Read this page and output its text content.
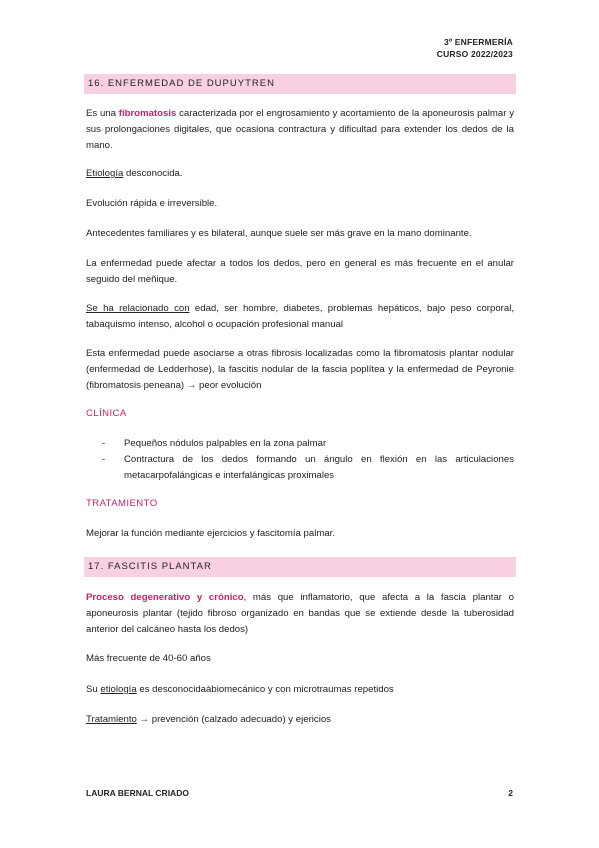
3º ENFERMERÍA
CURSO 2022/2023
16. ENFERMEDAD DE DUPUYTREN
Es una fibromatosis caracterizada por el engrosamiento y acortamiento de la aponeurosis palmar y sus prolongaciones digitales, que ocasiona contractura y dificultad para extender los dedos de la mano.
Etiología desconocida.
Evolución rápida e irreversible.
Antecedentes familiares y es bilateral, aunque suele ser más grave en la mano dominante.
La enfermedad puede afectar a todos los dedos, pero en general es más frecuente en el anular seguido del meñique.
Se ha relacionado con edad, ser hombre, diabetes, problemas hepáticos, bajo peso corporal, tabaquismo intenso, alcohol o ocupación profesional manual
Esta enfermedad puede asociarse a otras fibrosis localizadas como la fibromatosis plantar nodular (enfermedad de Ledderhose), la fascitis nodular de la fascia poplítea y la enfermedad de Peyronie (fibromatosis peneana) → peor evolución
CLÍNICA
- Pequeños nódulos palpables en la zona palmar
- Contractura de los dedos formando un ángulo en flexión en las articulaciones metacarpofalángicas e interfalángicas proximales
TRATAMIENTO
Mejorar la función mediante ejercicios y fascitomía palmar.
17. FASCITIS PLANTAR
Proceso degenerativo y crónico, más que inflamatorio, que afecta a la fascia plantar o aponeurosis plantar (tejido fibroso organizado en bandas que se extiende desde la tuberosidad anterior del calcáneo hasta los dedos)
Más frecuente de 40-60 años
Su etiología es desconocidaàbiomecánico y con microtraumas repetidos
Tratamiento → prevención (calzado adecuado) y ejericios
LAURA BERNAL CRIADO	2
